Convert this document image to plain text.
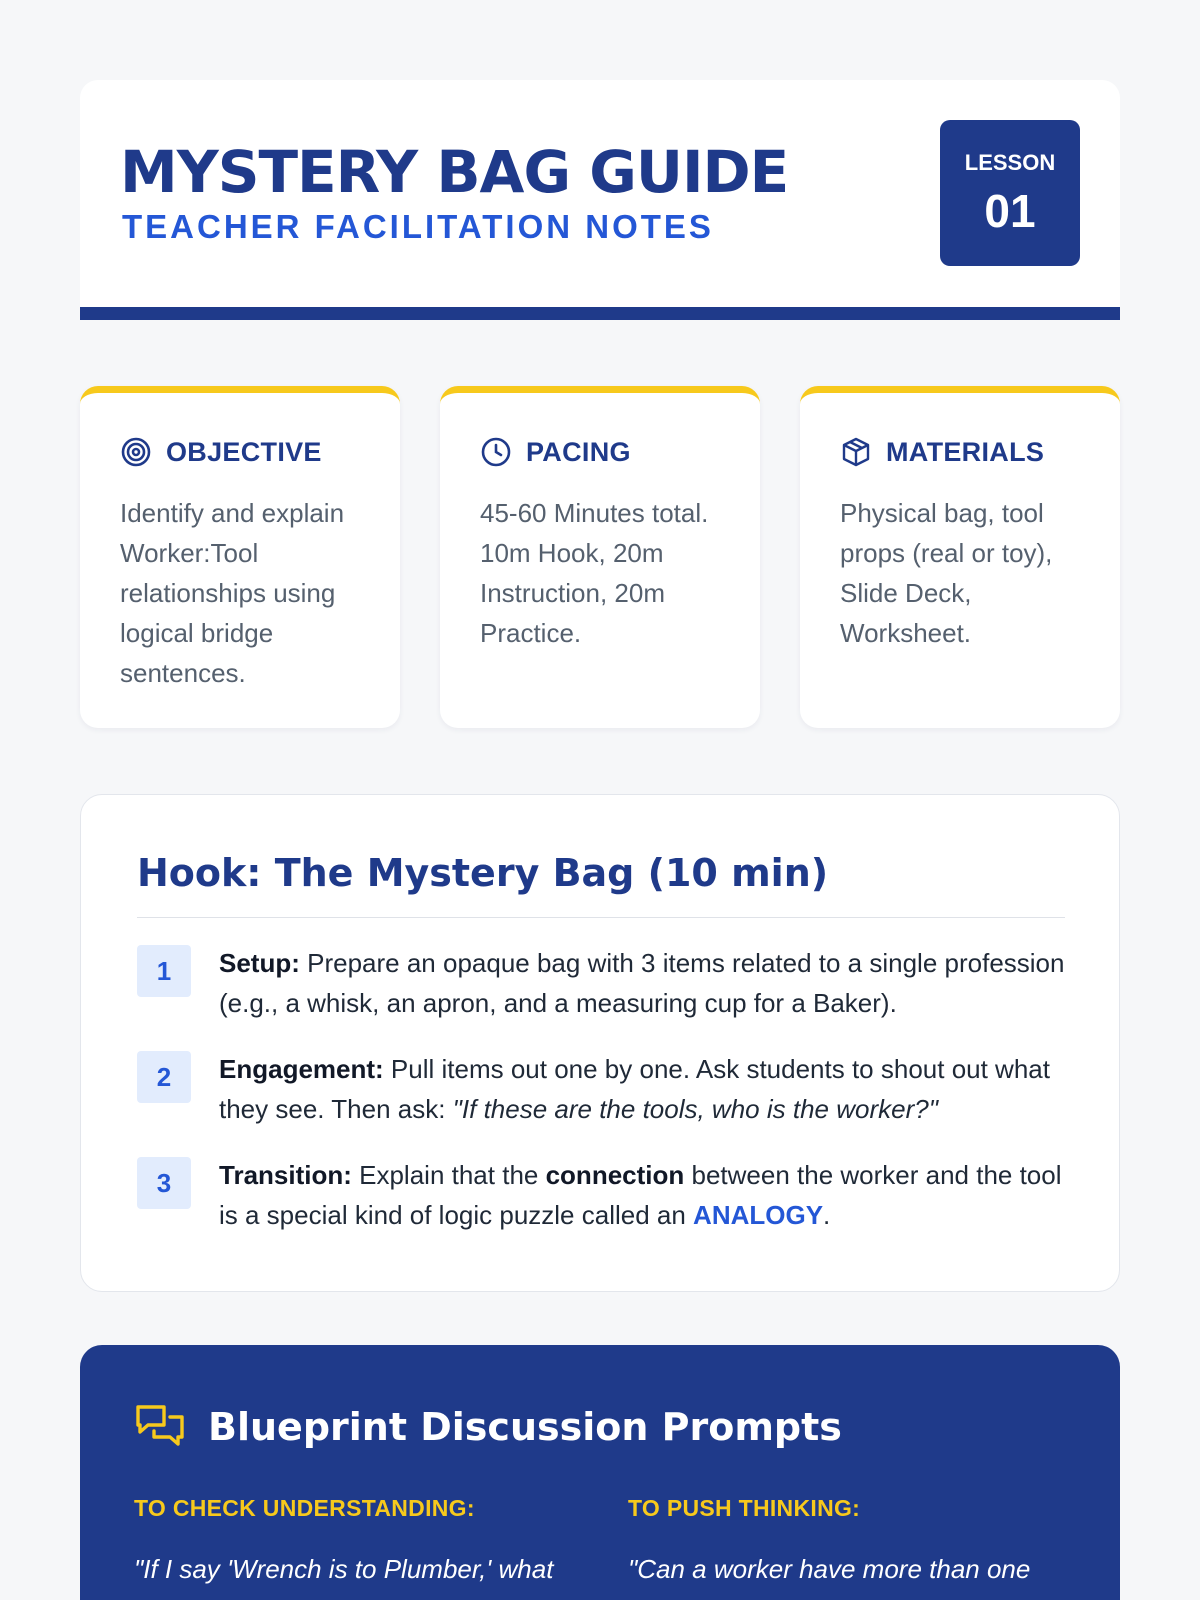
MYSTERY BAG GUIDE
TEACHER FACILITATION NOTES
LESSON
01
OBJECTIVE
Identify and explain Worker:Tool relationships using logical bridge sentences.
PACING
45-60 Minutes total. 10m Hook, 20m Instruction, 20m Practice.
MATERIALS
Physical bag, tool props (real or toy), Slide Deck, Worksheet.
Hook: The Mystery Bag (10 min)
1	Setup: Prepare an opaque bag with 3 items related to a single profession (e.g., a whisk, an apron, and a measuring cup for a Baker).
2	Engagement: Pull items out one by one. Ask students to shout out what they see. Then ask: "If these are the tools, who is the worker?"
3	Transition: Explain that the connection between the worker and the tool is a special kind of logic puzzle called an ANALOGY.
Blueprint Discussion Prompts
TO CHECK UNDERSTANDING:
"If I say 'Wrench is to Plumber,' what
TO PUSH THINKING:
"Can a worker have more than one
